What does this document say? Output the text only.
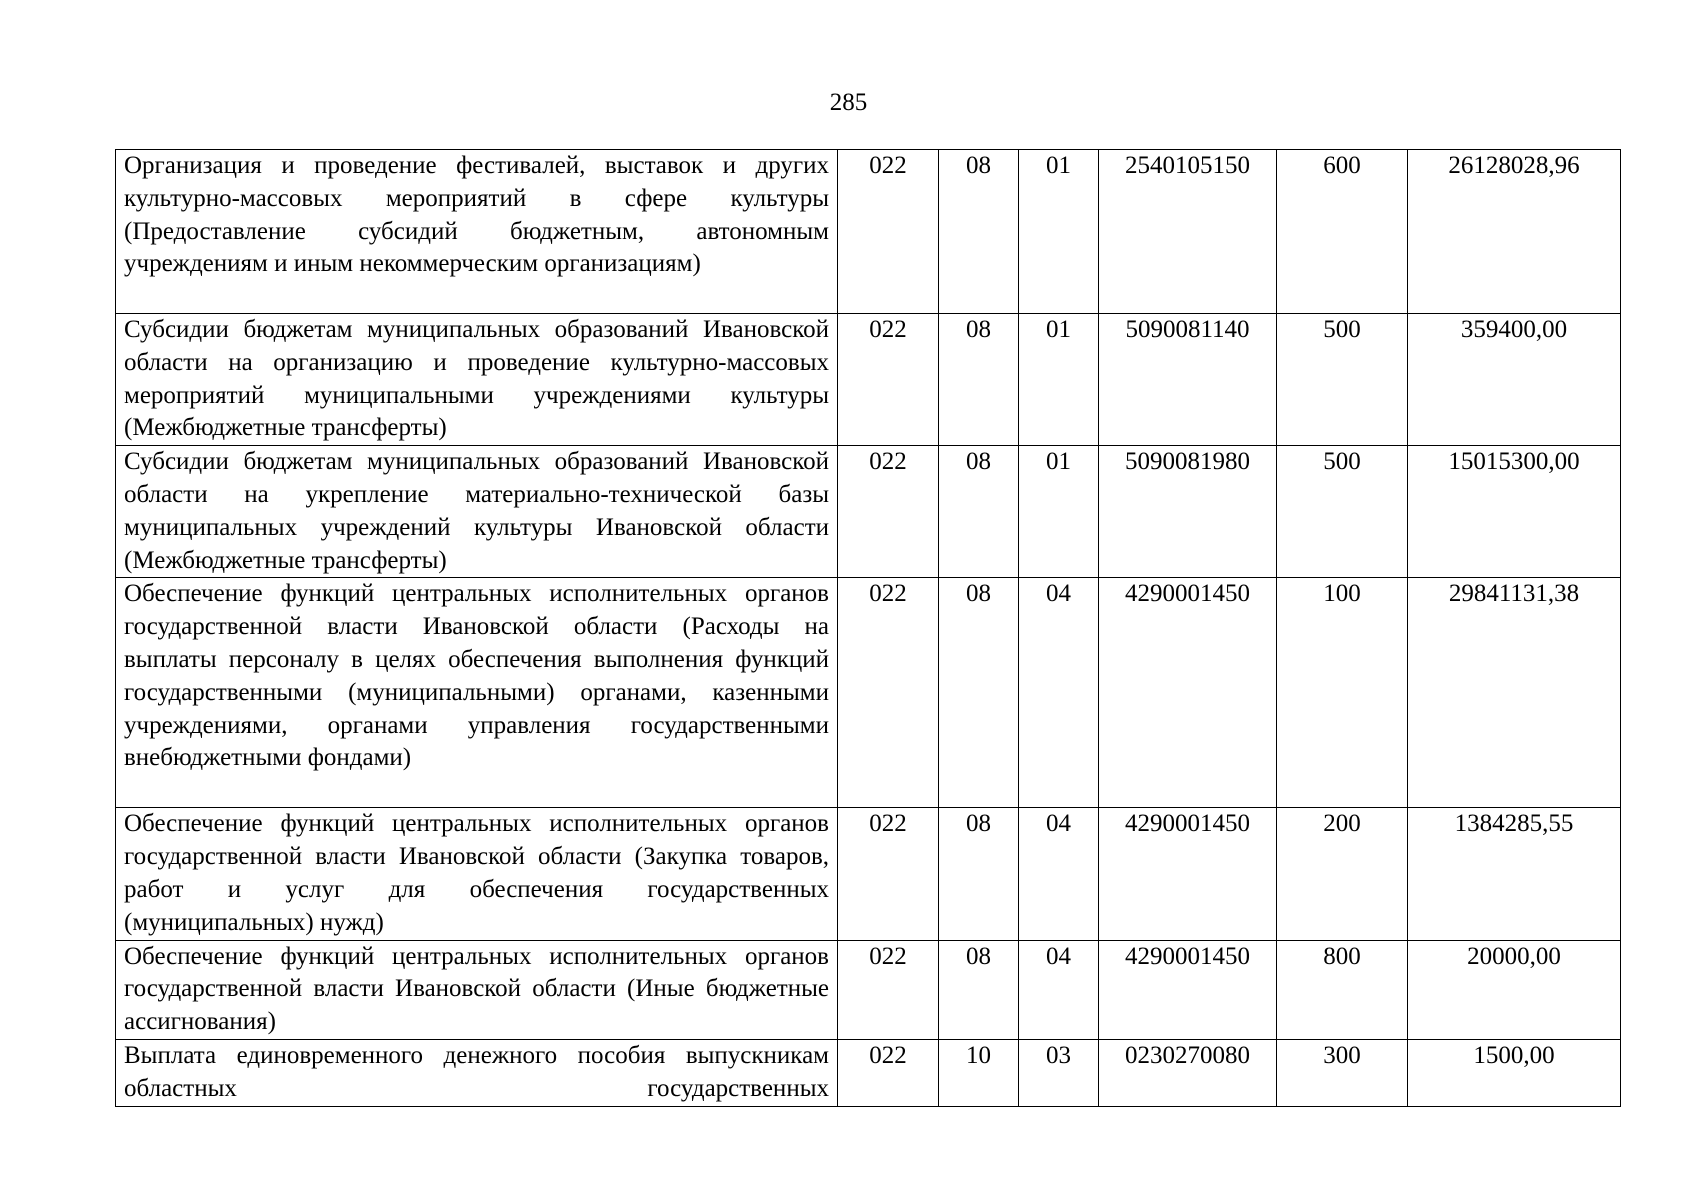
285
Организация и проведение фестивалей, выставок и других культурно-массовых мероприятий в сфере культуры (Предоставление субсидий бюджетным, автономным учреждениям и иным некоммерческим организациям)	022	08	01	2540105150	600	26128028,96

Субсидии бюджетам муниципальных образований Ивановской области на организацию и проведение культурно-массовых мероприятий муниципальными учреждениями культуры (Межбюджетные трансферты)	022	08	01	5090081140	500	359400,00

Субсидии бюджетам муниципальных образований Ивановской области на укрепление материально-технической базы муниципальных учреждений культуры Ивановской области (Межбюджетные трансферты)	022	08	01	5090081980	500	15015300,00

Обеспечение функций центральных исполнительных органов государственной власти Ивановской области (Расходы на выплаты персоналу в целях обеспечения выполнения функций государственными (муниципальными) органами, казенными учреждениями, органами управления государственными внебюджетными фондами)	022	08	04	4290001450	100	29841131,38

Обеспечение функций центральных исполнительных органов государственной власти Ивановской области (Закупка товаров, работ и услуг для обеспечения государственных (муниципальных) нужд)	022	08	04	4290001450	200	1384285,55

Обеспечение функций центральных исполнительных органов государственной власти Ивановской области (Иные бюджетные ассигнования)	022	08	04	4290001450	800	20000,00

Выплата единовременного денежного пособия выпускникам областных государственных	022	10	03	0230270080	300	1500,00
